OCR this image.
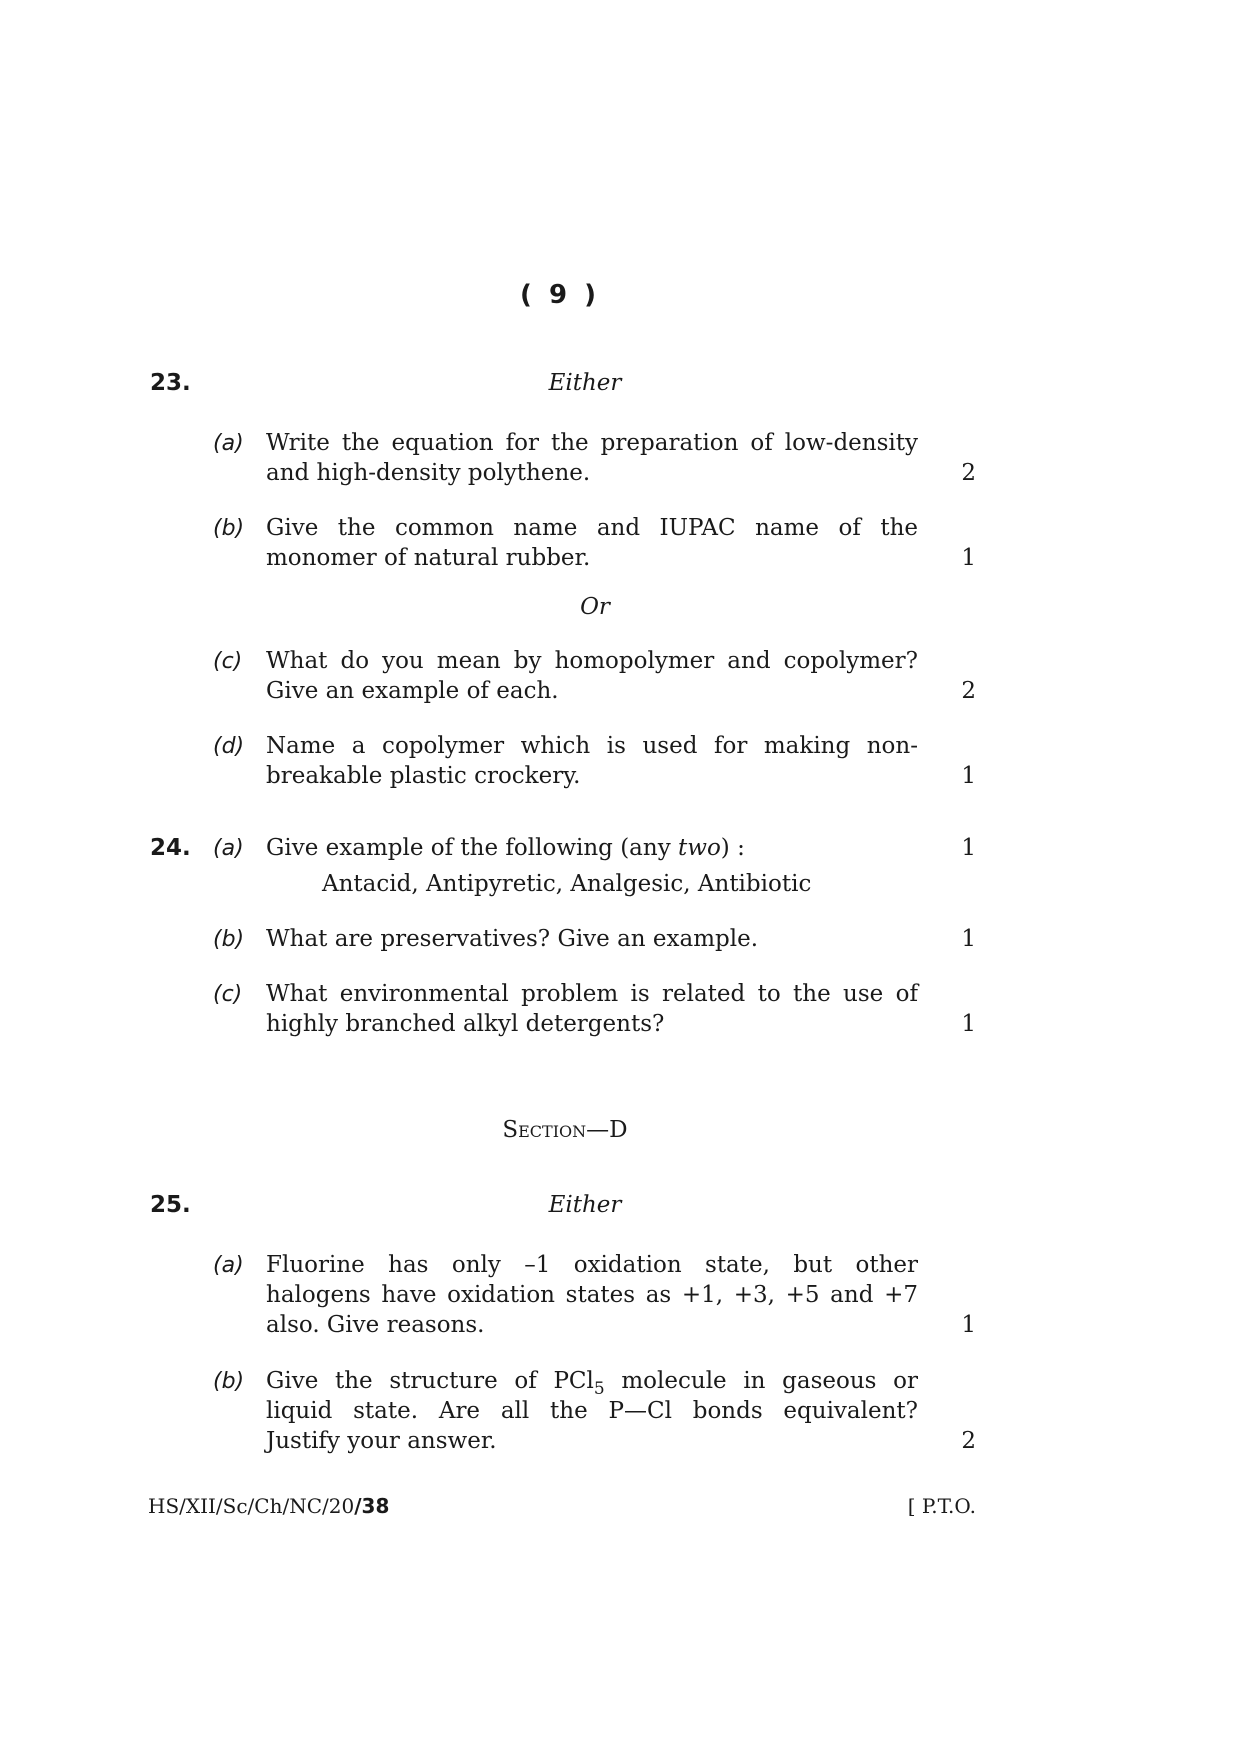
( 9 )
23.	Either
(a) Write the equation for the preparation of low-density
and high-density polythene.	2
(b) Give the common name and IUPAC name of the
monomer of natural rubber.	1
Or
(c) What do you mean by homopolymer and copolymer?
Give an example of each.	2
(d) Name a copolymer which is used for making non-
breakable plastic crockery.	1
24. (a) Give example of the following (any two) :	1
Antacid, Antipyretic, Analgesic, Antibiotic
(b) What are preservatives? Give an example.	1
(c) What environmental problem is related to the use of
highly branched alkyl detergents?	1
Section—D
25.	Either
(a) Fluorine has only –1 oxidation state, but other
halogens have oxidation states as +1, +3, +5 and +7
also. Give reasons.	1
(b) Give the structure of PCl$_5$ molecule in gaseous or
liquid state. Are all the P—Cl bonds equivalent?
Justify your answer.	2
HS/XII/Sc/Ch/NC/20/38	[ P.T.O.
